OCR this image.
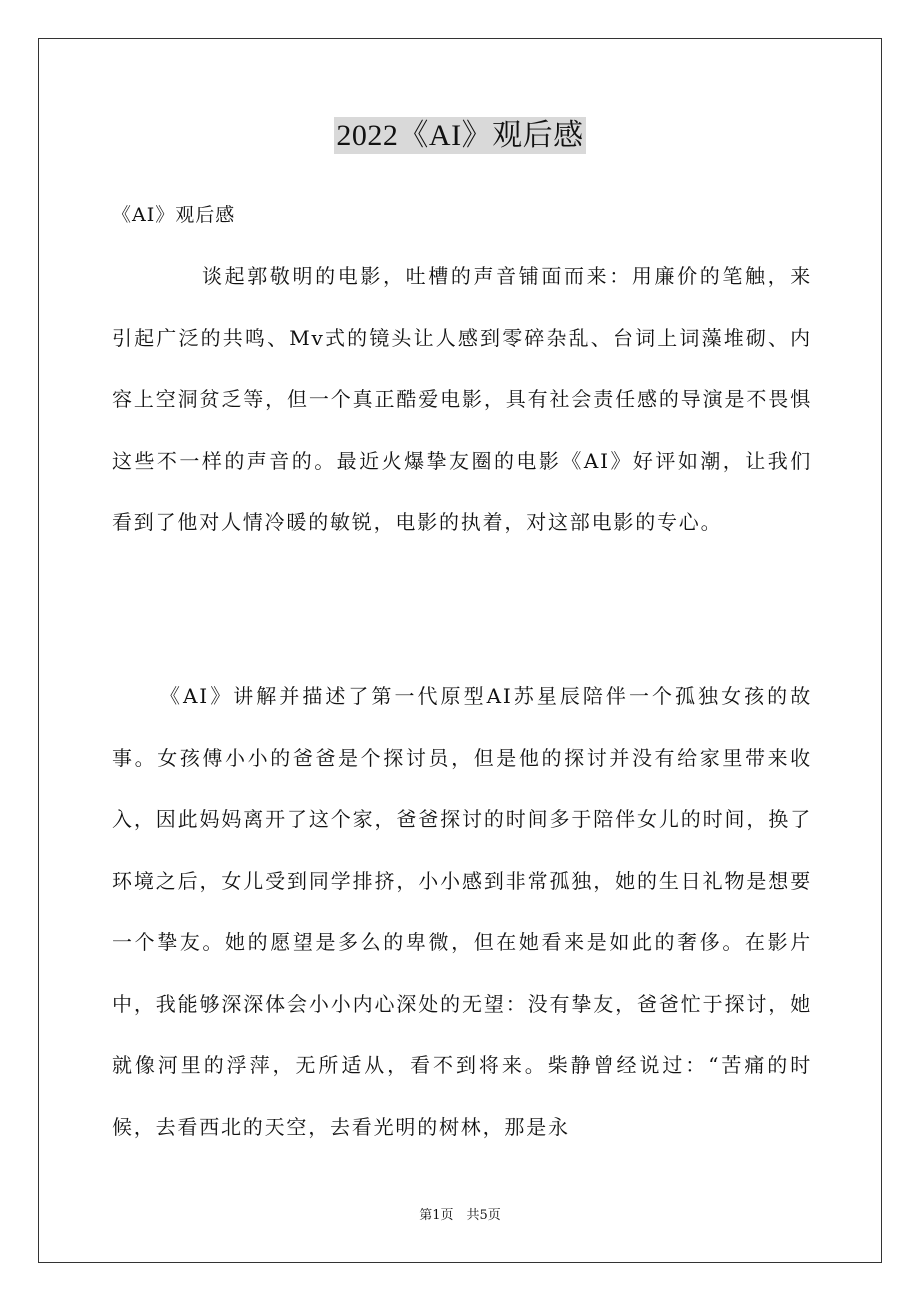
2022《AI》观后感
《AI》观后感

谈起郭敬明的电影，吐槽的声音铺面而来：用廉价的笔触，来引起广泛的共鸣、Mv式的镜头让人感到零碎杂乱、台词上词藻堆砌、内容上空洞贫乏等，但一个真正酷爱电影，具有社会责任感的导演是不畏惧这些不一样的声音的。最近火爆挚友圈的电影《AI》好评如潮，让我们看到了他对人情冷暖的敏锐，电影的执着，对这部电影的专心。

《AI》讲解并描述了第一代原型AI苏星辰陪伴一个孤独女孩的故事。女孩傅小小的爸爸是个探讨员，但是他的探讨并没有给家里带来收入，因此妈妈离开了这个家，爸爸探讨的时间多于陪伴女儿的时间，换了环境之后，女儿受到同学排挤，小小感到非常孤独，她的生日礼物是想要一个挚友。她的愿望是多么的卑微，但在她看来是如此的奢侈。在影片中，我能够深深体会小小内心深处的无望：没有挚友，爸爸忙于探讨，她就像河里的浮萍，无所适从，看不到将来。柴静曾经说过：“苦痛的时候，去看西北的天空，去看光明的树林，那是永

第1页　共5页
